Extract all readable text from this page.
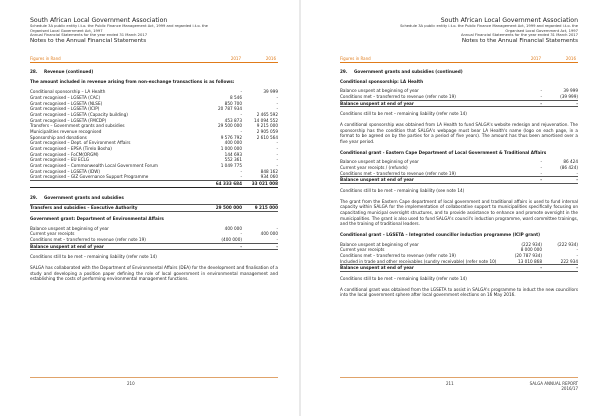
South African Local Government Association
Schedule 3A public entity i.t.o. the Public Finance Management Act, 1999 and regarded i.t.o. the
Organised Local Government Act, 1997
Annual Financial Statements for the year ended 31 March 2017
Notes to the Annual Financial Statements
Figures in Rand	2017	2016
28.	Revenue (continued)
The amount included in revenue arising from non-exchange transactions is as follows:
Conditional sponsorship – LA Health	-	39 999
Grant recognised – LGSETA (CAC)	8 546	-
Grant recognised – LGSETA (NLSE)	850 700	-
Grant recognised – LGSETA (ICIP)	20 787 934	-
Grant recognised – LGSETA (Capacity building)	-	2 465 592
Grant recognised – LGSETA (FMCDP)	453 873	14 094 552
Transfers – Government grants and subsidies	29 500 000	9 215 000
Municipalities revenue recognised	-	2 905 059
Sponsorship and donations	9 576 792	2 610 564
Grant recognised – Dept. of Environment Affairs	400 000	-
Grant recognised – EPSA (Tirelo Bosha)	1 000 000	-
Grant recognised – FoCM(ORGM)	144 693	-
Grant recognised – EU ECLG	552 361	-
Grant recognised – Commonwealth Local Government Forum	1 049 775	-
Grant recognised – LGSETA (IDW)	-	848 162
Grant recognised – GIZ Governance Support Programme	-	934 060
64 333 684	33 021 008
29.	Government grants and subsidies
Transfers and subsidies – Executive Authority	29 500 000	9 215 000
Government grant: Department of Environmental Affairs
Balance unspent at beginning of year	400 000	-
Current year receipts	-	400 000
Conditions met – transferred to revenue (refer note 19)	(400 000)	-
Balance unspent at end of year	-	-
Conditions still to be met – remaining liability (refer note 14)
SALGA has collaborated with the Department of Environmental Affairs (DEA) for the development and finalisation of a study and developing a position paper defining the role of local government in environmental management and establishing the costs of performing environmental management functions.
210
South African Local Government Association
Schedule 3A public entity i.t.o. the Public Finance Management Act, 1999 and regarded i.t.o. the
Organised Local Government Act, 1997
Annual Financial Statements for the year ended 31 March 2017
Notes to the Annual Financial Statements
Figures in Rand	2017	2016
29.	Government grants and subsidies (continued)
Conditional sponsorship: LA Health
Balance unspent at beginning of year	-	39 999
Conditions met – transferred to revenue (refer note 19)	-	(39 999)
Balance unspent at end of year	-	-
Conditions still to be met – remaining liability (refer note 14)
A conditional sponsorship was obtained from LA Health to fund SALGA's website redesign and rejuvenation. The sponsorship has the condition that SALGA's webpage must bear LA Health's name (logo on each page, in a format to be agreed on by the parties for a period of five years). The amount has thus been amortised over a five year period.
Conditional grant - Eastern Cape Department of Local Government & Traditional Affairs
Balance unspent at beginning of year	-	86 424
Current year receipts / (refunds)	-	(86 424)
Conditions met – transferred to revenue (refer note 19)	-	-
Balance unspent at end of year	-	-
Conditions still to be met – remaining liability (see note 14)
The grant from the Eastern Cape department of local government and traditional affairs is used to fund internal capacity within SALGA for the implementation of collaborative support to municipalities specifically focusing on capacitating municipal oversight structures, and to provide assistance to enhance and promote oversight in the municipalities. The grant is also used to fund SALGA's council's induction programme, ward committee trainings, and the training of traditional leaders.
Conditional grant – LGSETA – Integrated councillor induction programme (ICIP grant)
Balance unspent at beginning of year	(222 934)	(222 934)
Current year receipts	8 000 000	-
Conditions met – transferred to revenue (refer note 19)	(20 787 934)	-
Included in trade and other receivables (sundry receivable) (refer note 10)	13 010 868	222 934
Balance unspent at end of year	-	-
Conditions still to be met – remaining liability (refer note 14)
A conditional grant was obtained from the LGSETA to assist in SALGA's programme to induct the new councillors into the local government sphere after local government elections on 16 May 2016.
211	SALGA ANNUAL REPORT
2016/17
